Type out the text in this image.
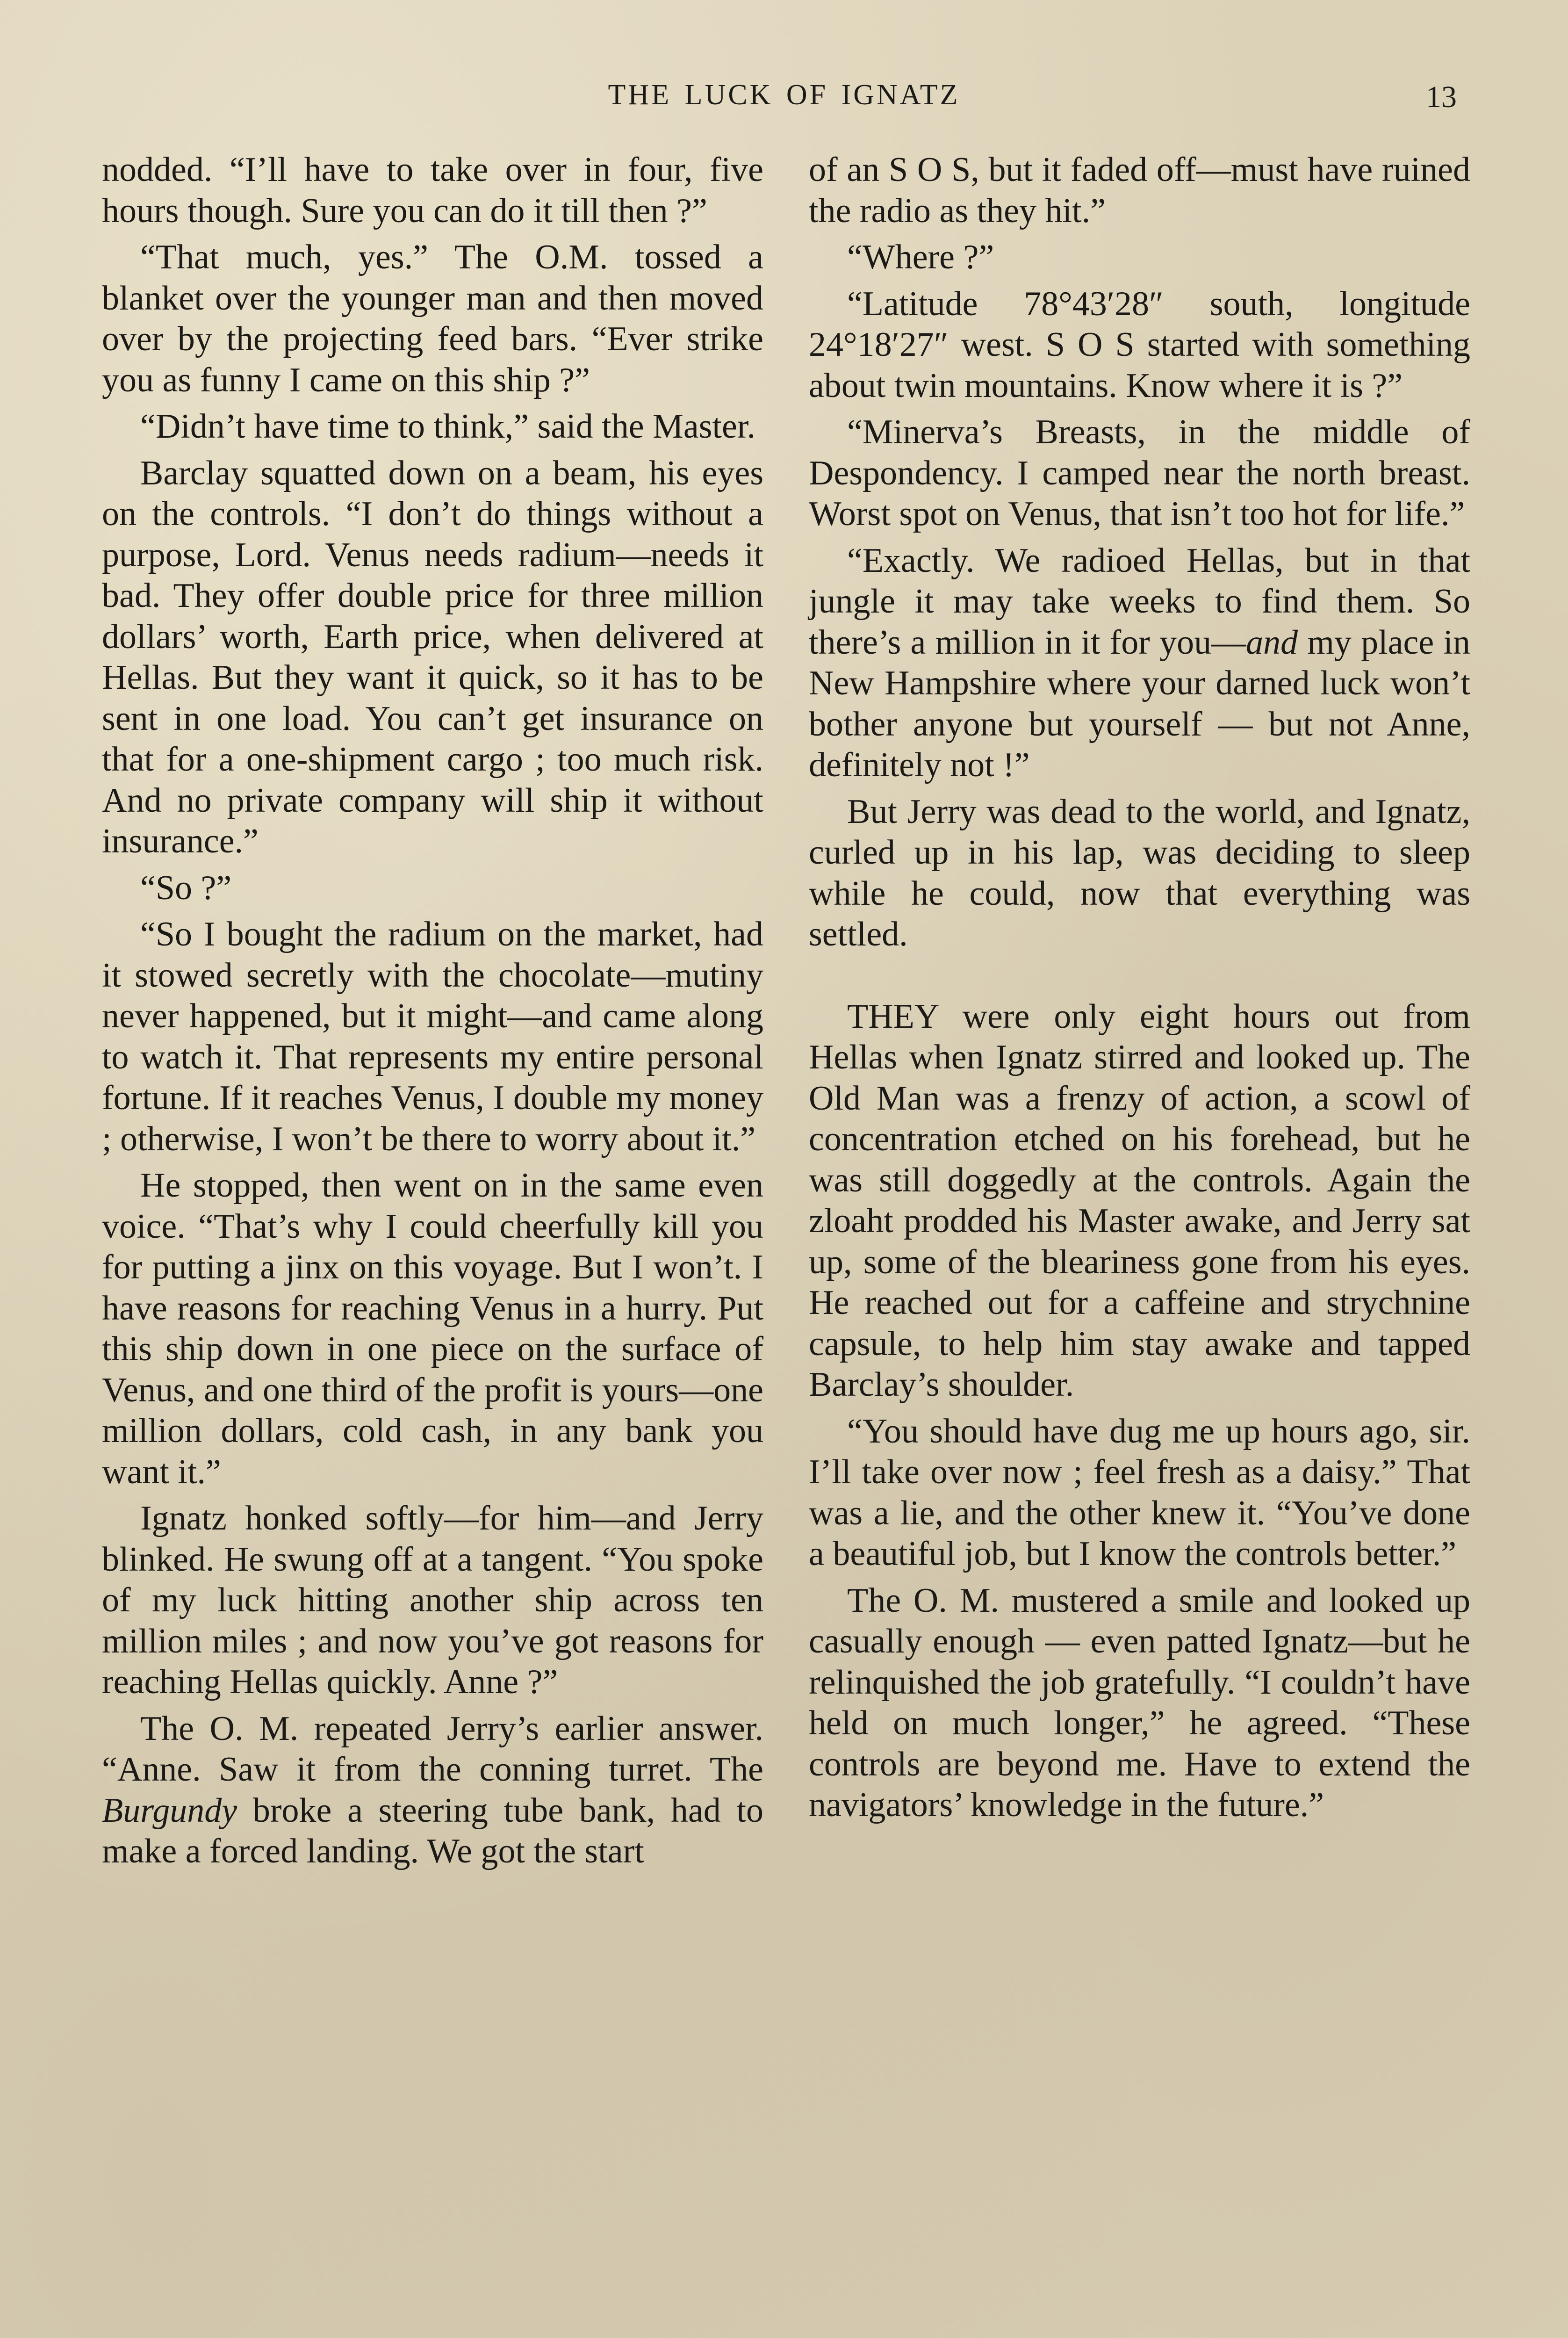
THE LUCK OF IGNATZ	13

nodded. “I’ll have to take over in four, five hours though. Sure you can do it till then ?”

“That much, yes.” The O.M. tossed a blanket over the younger man and then moved over by the projecting feed bars. “Ever strike you as funny I came on this ship ?”

“Didn’t have time to think,” said the Master.

Barclay squatted down on a beam, his eyes on the controls. “I don’t do things without a purpose, Lord. Venus needs radium—needs it bad. They offer double price for three million dollars’ worth, Earth price, when delivered at Hellas. But they want it quick, so it has to be sent in one load. You can’t get insurance on that for a one-shipment cargo ; too much risk. And no private company will ship it without insurance.”

“So ?”

“So I bought the radium on the market, had it stowed secretly with the chocolate—mutiny never happened, but it might—and came along to watch it. That represents my entire personal fortune. If it reaches Venus, I double my money ; otherwise, I won’t be there to worry about it.”

He stopped, then went on in the same even voice. “That’s why I could cheerfully kill you for putting a jinx on this voyage. But I won’t. I have reasons for reaching Venus in a hurry. Put this ship down in one piece on the surface of Venus, and one third of the profit is yours—one million dollars, cold cash, in any bank you want it.”

Ignatz honked softly—for him—and Jerry blinked. He swung off at a tangent. “You spoke of my luck hitting another ship across ten million miles ; and now you’ve got reasons for reaching Hellas quickly. Anne ?”

The O. M. repeated Jerry’s earlier answer. “Anne. Saw it from the conning turret. The Burgundy broke a steering tube bank, had to make a forced landing. We got the start

of an S O S, but it faded off—must have ruined the radio as they hit.”

“Where ?”

“Latitude 78°43′28″ south, longitude 24°18′27″ west. S O S started with something about twin mountains. Know where it is ?”

“Minerva’s Breasts, in the middle of Despondency. I camped near the north breast. Worst spot on Venus, that isn’t too hot for life.”

“Exactly. We radioed Hellas, but in that jungle it may take weeks to find them. So there’s a million in it for you—and my place in New Hampshire where your darned luck won’t bother anyone but yourself — but not Anne, definitely not !”

But Jerry was dead to the world, and Ignatz, curled up in his lap, was deciding to sleep while he could, now that everything was settled.

THEY were only eight hours out from Hellas when Ignatz stirred and looked up. The Old Man was a frenzy of action, a scowl of concentration etched on his forehead, but he was still doggedly at the controls. Again the zloaht prodded his Master awake, and Jerry sat up, some of the bleariness gone from his eyes. He reached out for a caffeine and strychnine capsule, to help him stay awake and tapped Barclay’s shoulder.

“You should have dug me up hours ago, sir. I’ll take over now ; feel fresh as a daisy.” That was a lie, and the other knew it. “You’ve done a beautiful job, but I know the controls better.”

The O. M. mustered a smile and looked up casually enough — even patted Ignatz—but he relinquished the job gratefully. “I couldn’t have held on much longer,” he agreed. “These controls are beyond me. Have to extend the navigators’ knowledge in the future.”
